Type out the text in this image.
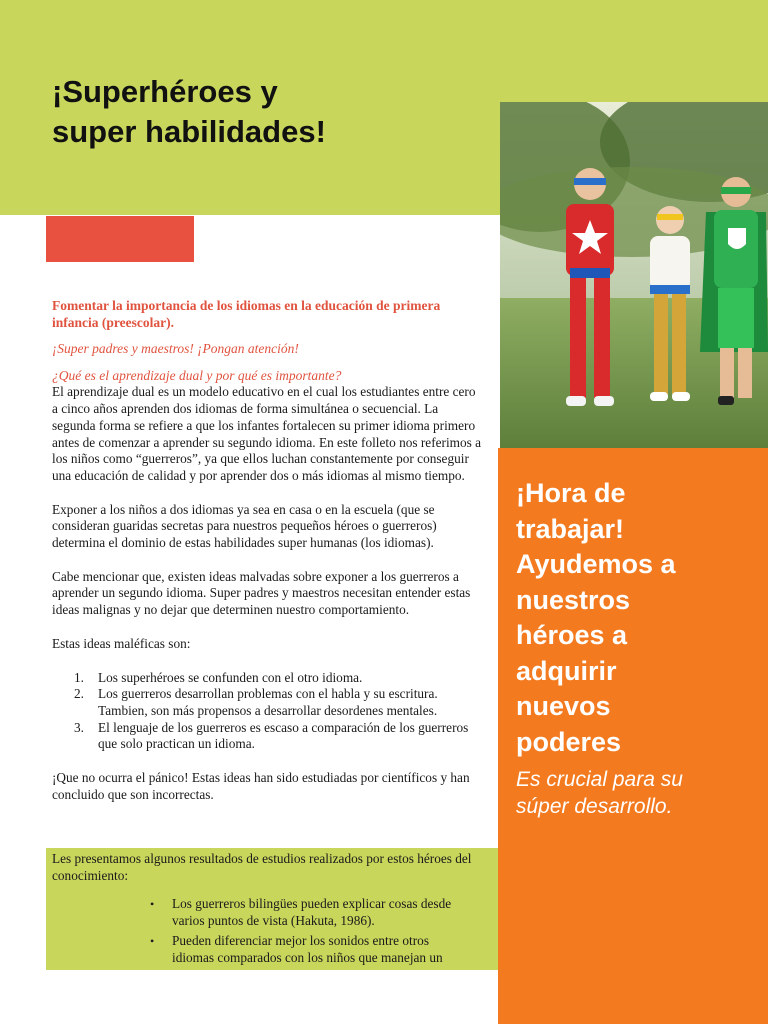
¡Superhéroes y
super habilidades!

¡Hora de
trabajar!
Ayudemos a
nuestros
héroes a
adquirir
nuevos
poderes

Es crucial para su
súper desarrollo.

Fomentar la importancia de los idiomas en la educación de primera infancia (preescolar).

¡Super padres y maestros! ¡Pongan atención!

¿Qué es el aprendizaje dual y por qué es importante?

El aprendizaje dual es un modelo educativo en el cual los estudiantes entre cero a cinco años aprenden dos idiomas de forma simultánea o secuencial. La segunda forma se refiere a que los infantes fortalecen su primer idioma primero antes de comenzar a aprender su segundo idioma. En este folleto nos referimos a los niños como “guerreros”, ya que ellos luchan constantemente por conseguir una educación de calidad y por aprender dos o más idiomas al mismo tiempo.

Exponer a los niños a dos idiomas ya sea en casa o en la escuela (que se consideran guaridas secretas para nuestros pequeños héroes o guerreros) determina el dominio de estas habilidades super humanas (los idiomas).

Cabe mencionar que, existen ideas malvadas sobre exponer a los guerreros a aprender un segundo idioma. Super padres y maestros necesitan entender estas ideas malignas y no dejar que determinen nuestro comportamiento.

Estas ideas maléficas son:

1. Los superhéroes se confunden con el otro idioma.
2. Los guerreros desarrollan problemas con el habla y su escritura. Tambien, son más propensos a desarrollar desordenes mentales.
3. El lenguaje de los guerreros es escaso a comparación de los guerreros que solo practican un idioma.

¡Que no ocurra el pánico! Estas ideas han sido estudiadas por científicos y han concluido que son incorrectas.

Les presentamos algunos resultados de estudios realizados por estos héroes del conocimiento:

• Los guerreros bilingües pueden explicar cosas desde varios puntos de vista (Hakuta, 1986).
• Pueden diferenciar mejor los sonidos entre otros idiomas comparados con los niños que manejan un
